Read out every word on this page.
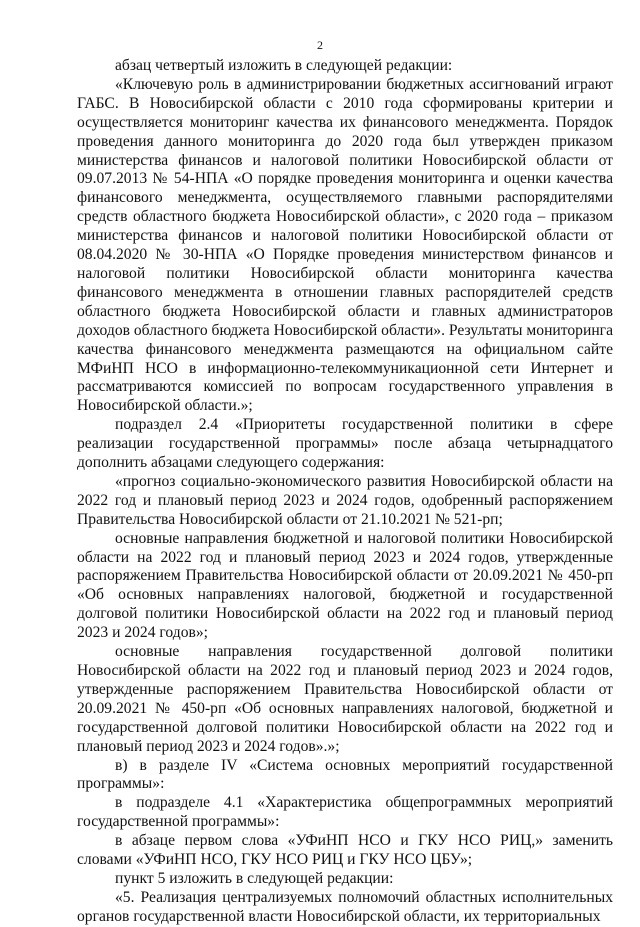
2

абзац четвертый изложить в следующей редакции:

«Ключевую роль в администрировании бюджетных ассигнований играют ГАБС. В Новосибирской области с 2010 года сформированы критерии и осуществляется мониторинг качества их финансового менеджмента. Порядок проведения данного мониторинга до 2020 года был утвержден приказом министерства финансов и налоговой политики Новосибирской области от 09.07.2013 № 54-НПА «О порядке проведения мониторинга и оценки качества финансового менеджмента, осуществляемого главными распорядителями средств областного бюджета Новосибирской области», с 2020 года – приказом министерства финансов и налоговой политики Новосибирской области от 08.04.2020 № 30-НПА «О Порядке проведения министерством финансов и налоговой политики Новосибирской области мониторинга качества финансового менеджмента в отношении главных распорядителей средств областного бюджета Новосибирской области и главных администраторов доходов областного бюджета Новосибирской области». Результаты мониторинга качества финансового менеджмента размещаются на официальном сайте МФиНП НСО в информационно-телекоммуникационной сети Интернет и рассматриваются комиссией по вопросам государственного управления в Новосибирской области.»;

подраздел 2.4 «Приоритеты государственной политики в сфере реализации государственной программы» после абзаца четырнадцатого дополнить абзацами следующего содержания:

«прогноз социально-экономического развития Новосибирской области на 2022 год и плановый период 2023 и 2024 годов, одобренный распоряжением Правительства Новосибирской области от 21.10.2021 № 521-рп;

основные направления бюджетной и налоговой политики Новосибирской области на 2022 год и плановый период 2023 и 2024 годов, утвержденные распоряжением Правительства Новосибирской области от 20.09.2021 № 450-рп «Об основных направлениях налоговой, бюджетной и государственной долговой политики Новосибирской области на 2022 год и плановый период 2023 и 2024 годов»;

основные направления государственной долговой политики Новосибирской области на 2022 год и плановый период 2023 и 2024 годов, утвержденные распоряжением Правительства Новосибирской области от 20.09.2021 № 450-рп «Об основных направлениях налоговой, бюджетной и государственной долговой политики Новосибирской области на 2022 год и плановый период 2023 и 2024 годов».»;

в) в разделе IV «Система основных мероприятий государственной программы»:

в подразделе 4.1 «Характеристика общепрограммных мероприятий государственной программы»:

в абзаце первом слова «УФиНП НСО и ГКУ НСО РИЦ,» заменить словами «УФиНП НСО, ГКУ НСО РИЦ и ГКУ НСО ЦБУ»;

пункт 5 изложить в следующей редакции:

«5. Реализация централизуемых полномочий областных исполнительных органов государственной власти Новосибирской области, их территориальных
